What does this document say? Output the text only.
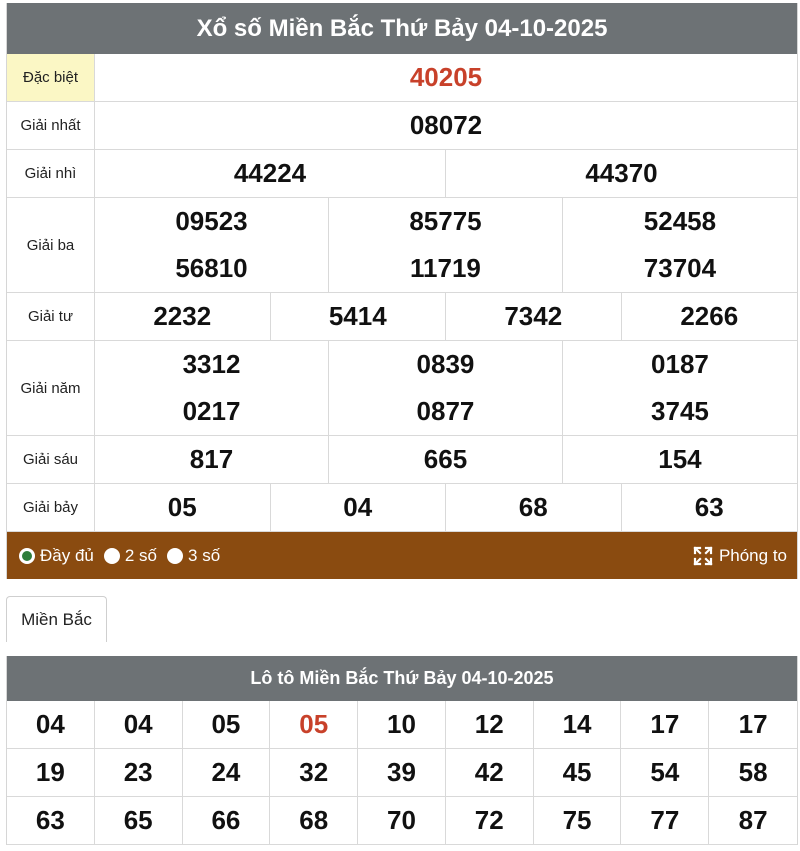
Xổ số Miền Bắc Thứ Bảy 04-10-2025
Đặc biệt	40205
Giải nhất	08072
Giải nhì	44224	44370
Giải ba
09523	85775	52458
56810	11719	73704
Giải tư	2232	5414	7342	2266
Giải năm
3312	0839	0187
0217	0877	3745
Giải sáu	817	665	154
Giải bảy	05	04	68	63
Đầy đủ 2 số 3 số	Phóng to
Miền Bắc
Lô tô Miền Bắc Thứ Bảy 04-10-2025
04	04	05	05	10	12	14	17	17
19	23	24	32	39	42	45	54	58
63	65	66	68	70	72	75	77	87
